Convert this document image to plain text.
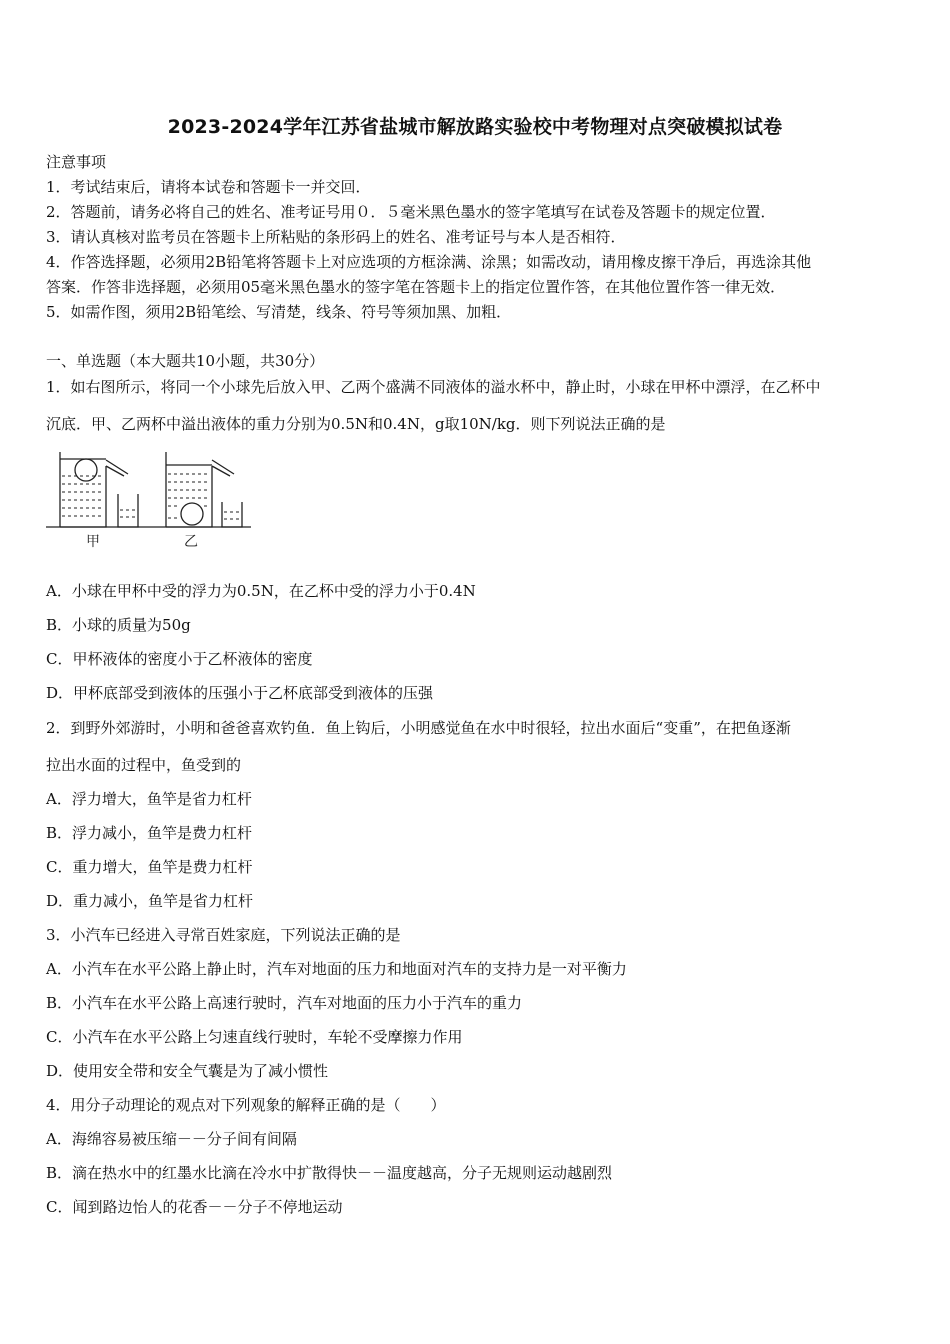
2023-2024学年江苏省盐城市解放路实验校中考物理对点突破模拟试卷
注意事项
1．考试结束后，请将本试卷和答题卡一并交回．
2．答题前，请务必将自己的姓名、准考证号用０．５毫米黑色墨水的签字笔填写在试卷及答题卡的规定位置．
3．请认真核对监考员在答题卡上所粘贴的条形码上的姓名、准考证号与本人是否相符．
4．作答选择题，必须用2B铅笔将答题卡上对应选项的方框涂满、涂黑；如需改动，请用橡皮擦干净后，再选涂其他
答案．作答非选择题，必须用05毫米黑色墨水的签字笔在答题卡上的指定位置作答，在其他位置作答一律无效．
5．如需作图，须用2B铅笔绘、写清楚，线条、符号等须加黑、加粗．
一、单选题（本大题共10小题，共30分）
1．如右图所示，将同一个小球先后放入甲、乙两个盛满不同液体的溢水杯中，静止时，小球在甲杯中漂浮，在乙杯中
沉底．甲、乙两杯中溢出液体的重力分别为0.5N和0.4N，g取10N/kg．则下列说法正确的是
甲	乙
A．小球在甲杯中受的浮力为0.5N，在乙杯中受的浮力小于0.4N
B．小球的质量为50g
C．甲杯液体的密度小于乙杯液体的密度
D．甲杯底部受到液体的压强小于乙杯底部受到液体的压强
2．到野外郊游时，小明和爸爸喜欢钓鱼．鱼上钩后，小明感觉鱼在水中时很轻，拉出水面后“变重”，在把鱼逐渐
拉出水面的过程中，鱼受到的
A．浮力增大，鱼竿是省力杠杆
B．浮力减小，鱼竿是费力杠杆
C．重力增大，鱼竿是费力杠杆
D．重力减小，鱼竿是省力杠杆
3．小汽车已经进入寻常百姓家庭，下列说法正确的是
A．小汽车在水平公路上静止时，汽车对地面的压力和地面对汽车的支持力是一对平衡力
B．小汽车在水平公路上高速行驶时，汽车对地面的压力小于汽车的重力
C．小汽车在水平公路上匀速直线行驶时，车轮不受摩擦力作用
D．使用安全带和安全气囊是为了减小惯性
4．用分子动理论的观点对下列观象的解释正确的是（　　）
A．海绵容易被压缩－－分子间有间隔
B．滴在热水中的红墨水比滴在冷水中扩散得快－－温度越高，分子无规则运动越剧烈
C．闻到路边怡人的花香－－分子不停地运动
